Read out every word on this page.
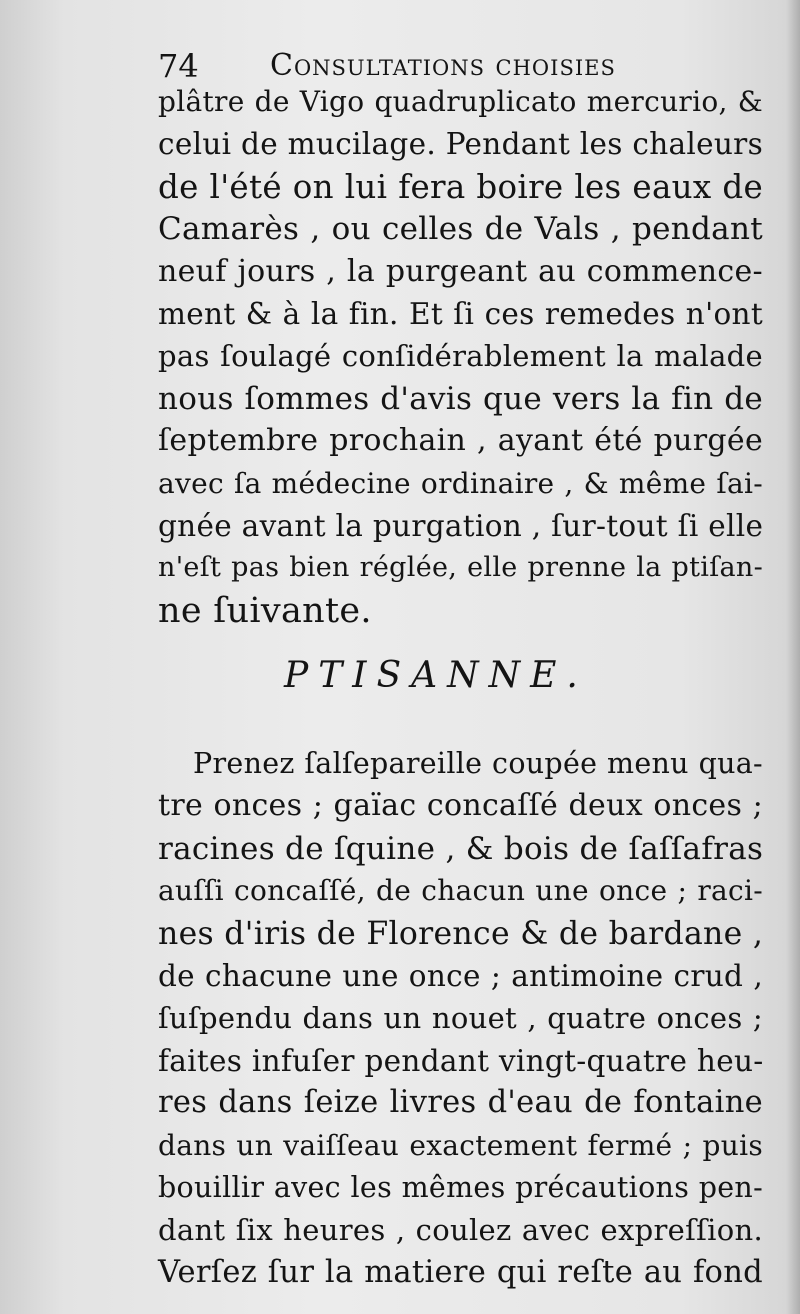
74 Consultations choisies
plâtre de Vigo quadruplicato mercurio, &
celui de mucilage. Pendant les chaleurs
de l'été on lui fera boire les eaux de
Camarès , ou celles de Vals , pendant
neuf jours , la purgeant au commence-
ment & à la fin. Et ſi ces remedes n'ont
pas ſoulagé conſidérablement la malade
nous ſommes d'avis que vers la fin de
ſeptembre prochain , ayant été purgée
avec ſa médecine ordinaire , & même ſai-
gnée avant la purgation , ſur-tout ſi elle
n'eſt pas bien réglée, elle prenne la ptiſan-
ne ſuivante.
PTISANNE.
Prenez ſalſepareille coupée menu qua-
tre onces ; gaïac concaſſé deux onces ;
racines de ſquine , & bois de ſaſſafras
auſſi concaſſé, de chacun une once ; raci-
nes d'iris de Florence & de bardane ,
de chacune une once ; antimoine crud ,
ſuſpendu dans un nouet , quatre onces ;
faites infuſer pendant vingt-quatre heu-
res dans ſeize livres d'eau de fontaine
dans un vaiſſeau exactement fermé ; puis
bouillir avec les mêmes précautions pen-
dant ſix heures , coulez avec expreſſion.
Verſez ſur la matiere qui reſte au fond
